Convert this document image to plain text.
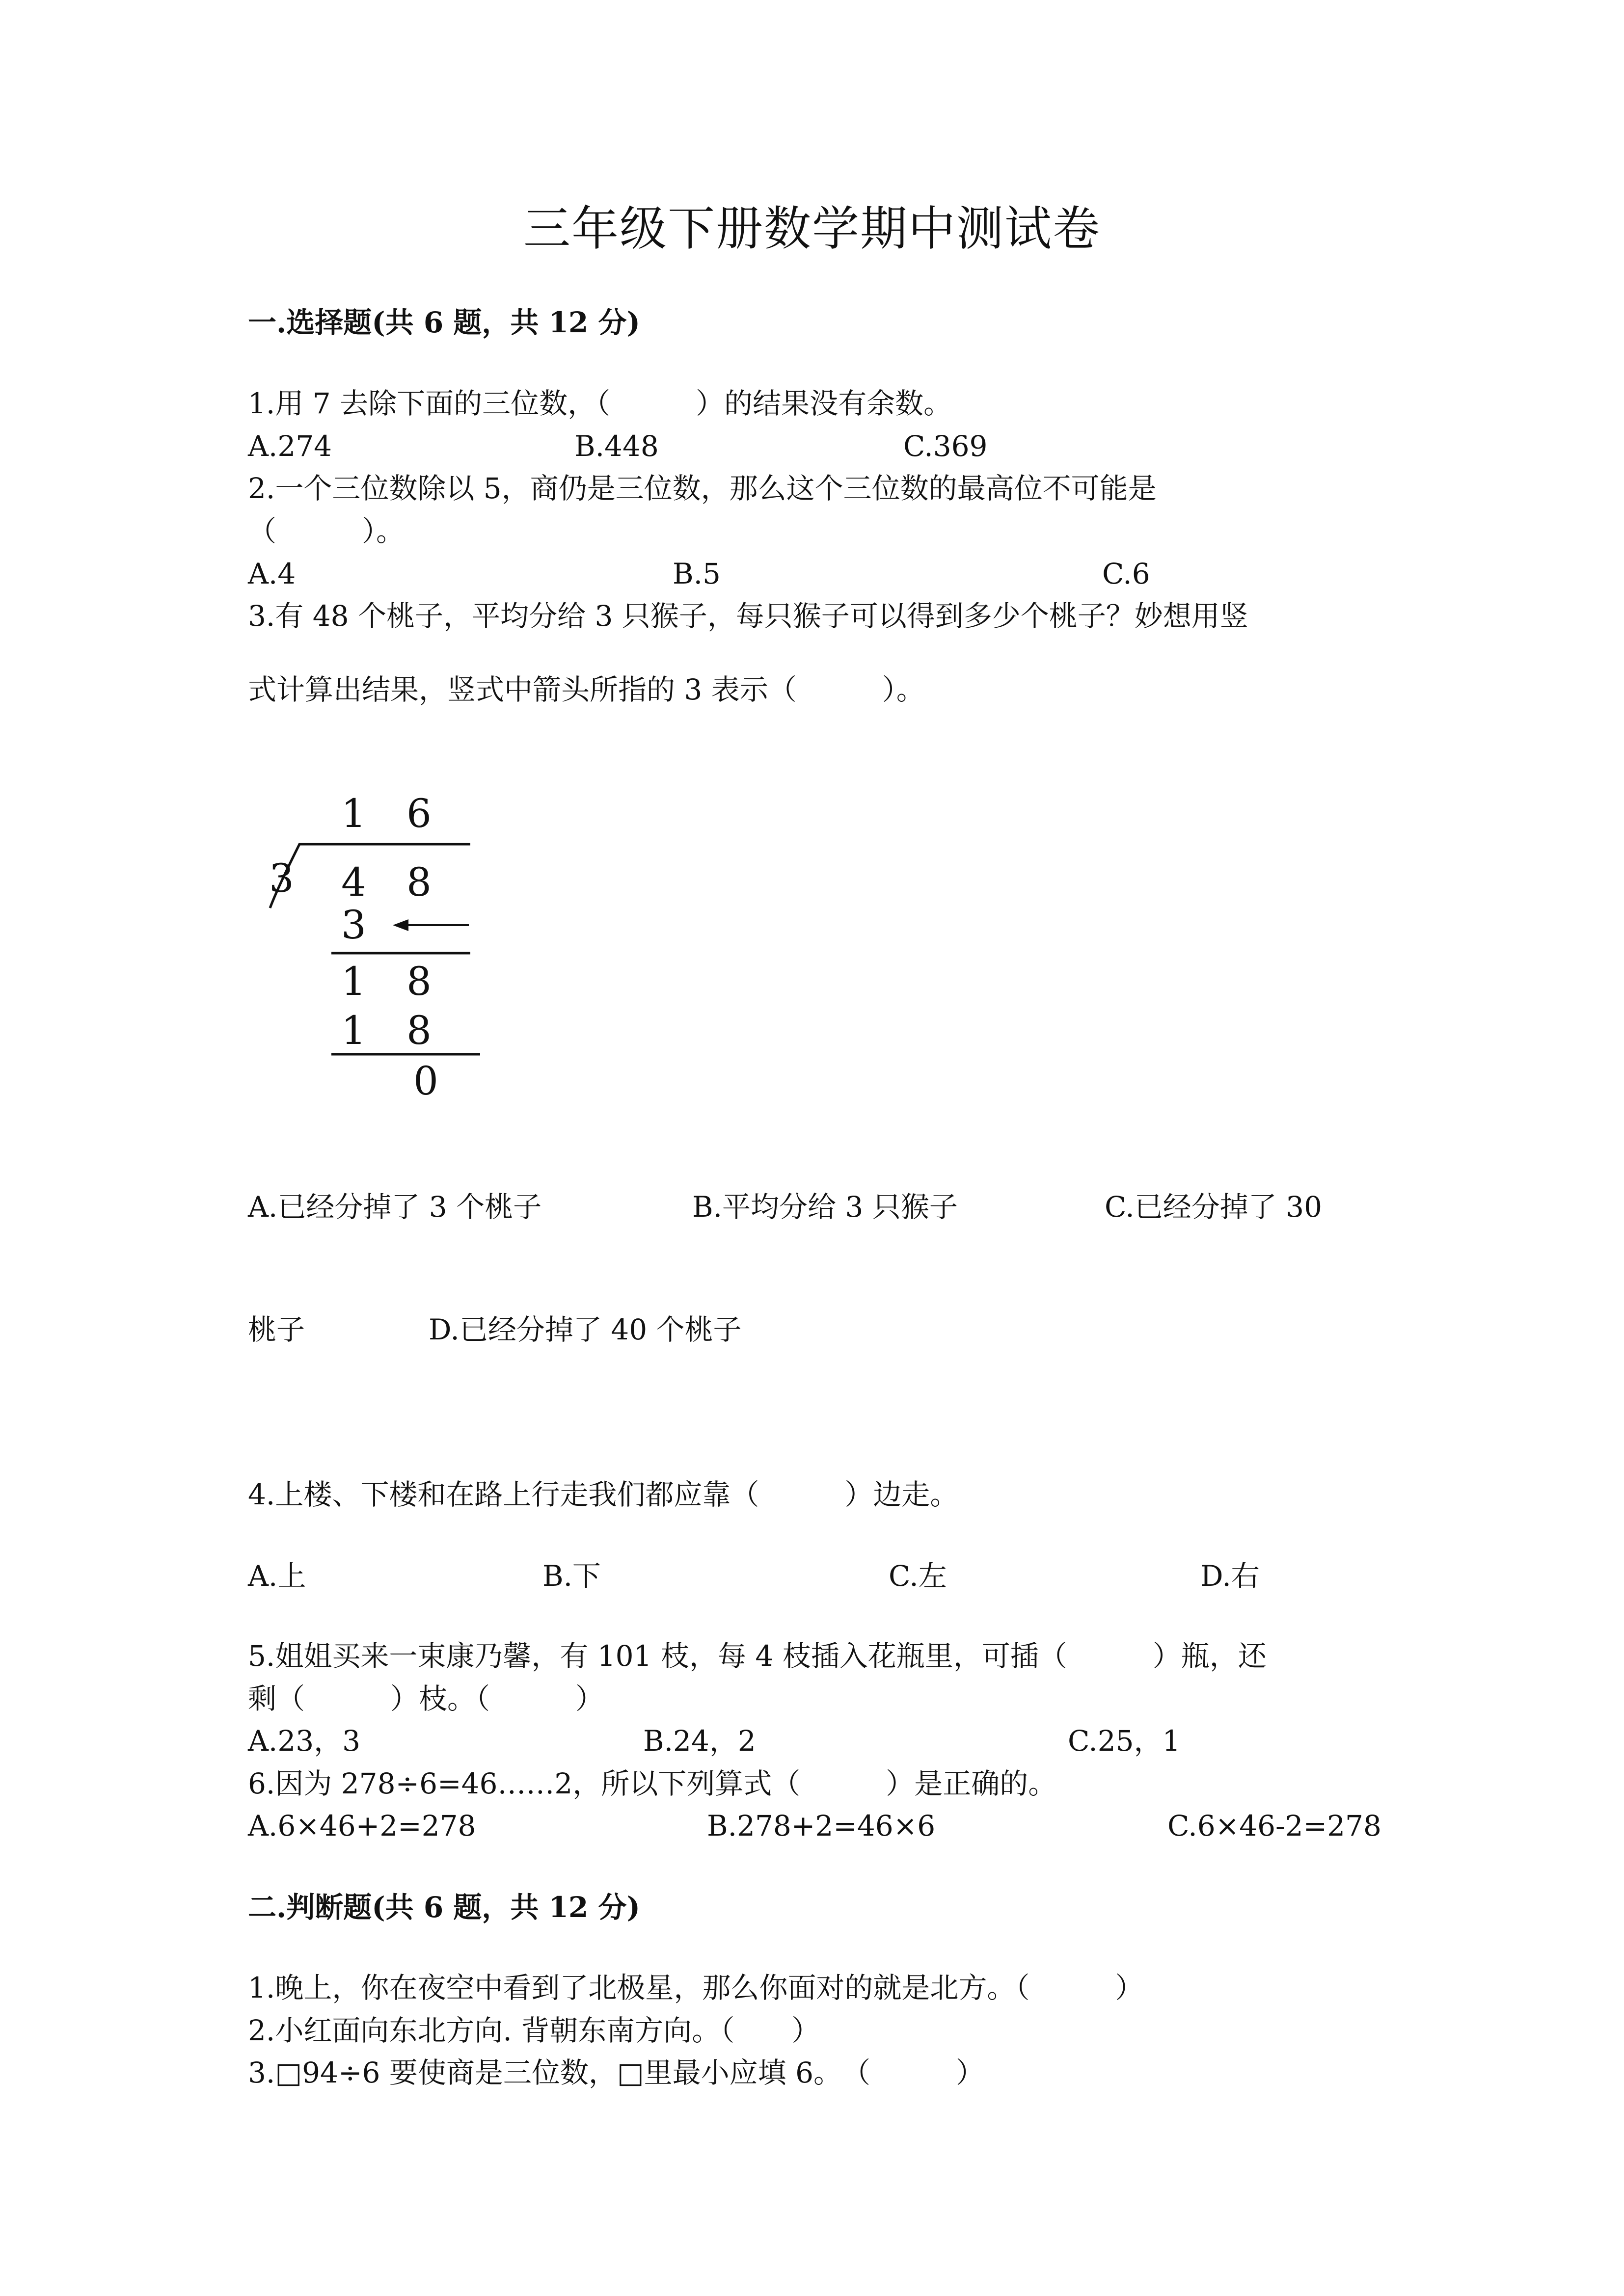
三年级下册数学期中测试卷
一.选择题(共 6 题，共 12 分)
1.用 7 去除下面的三位数，（　　　）的结果没有余数。
A.274	B.448	C.369
2.一个三位数除以 5，商仍是三位数，那么这个三位数的最高位不可能是
（　　　）。
A.4	B.5	C.6
3.有 48 个桃子，平均分给 3 只猴子，每只猴子可以得到多少个桃子？妙想用竖
式计算出结果，竖式中箭头所指的 3 表示（　　　）。
3
1 6
4 8
3
1 8
1 8
0
A.已经分掉了 3 个桃子	B.平均分给 3 只猴子	C.已经分掉了 30
桃子	D.已经分掉了 40 个桃子
4.上楼、下楼和在路上行走我们都应靠（　　　）边走。
A.上	B.下	C.左	D.右
5.姐姐买来一束康乃馨，有 101 枝，每 4 枝插入花瓶里，可插（　　　）瓶，还
剩（　　　）枝。（　　　）
A.23，3	B.24，2	C.25，1
6.因为 278÷6=46……2，所以下列算式（　　　）是正确的。
A.6×46+2=278	B.278+2=46×6	C.6×46-2=278
二.判断题(共 6 题，共 12 分)
1.晚上，你在夜空中看到了北极星，那么你面对的就是北方。（　　　）
2.小红面向东北方向. 背朝东南方向。（　　）
3.□94÷6 要使商是三位数，□里最小应填 6。　（　　　）
